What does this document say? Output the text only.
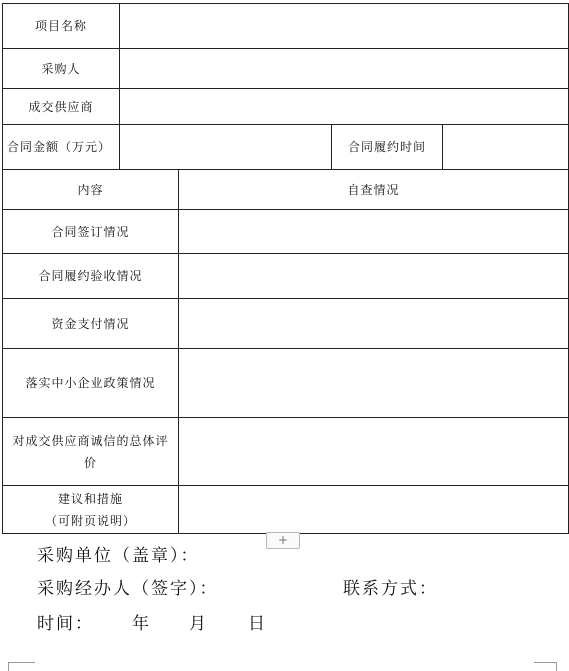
项目名称				
采购人				
成交供应商				
合同金额（万元）			合同履约时间	
内容		自查情况		
合同签订情况				
合同履约验收情况				
资金支付情况				
落实中小企业政策情况				
对成交供应商诚信的总体评价				
建议和措施
（可附页说明）				
+
采购单位（盖章）：
采购经办人（签字）：	联系方式：
时间： 年 月 日
